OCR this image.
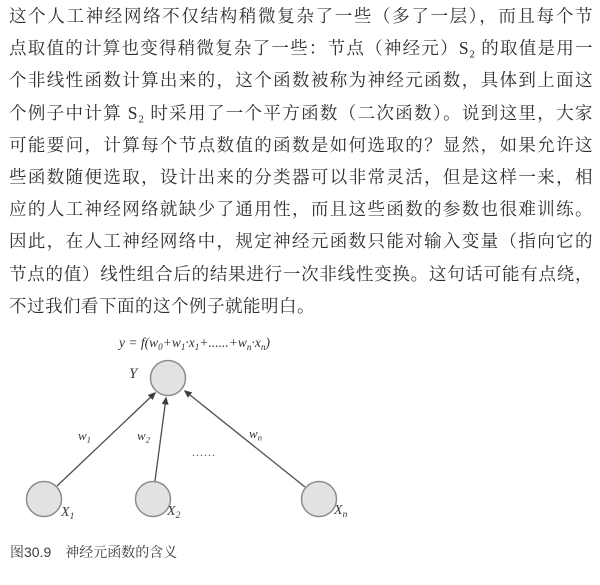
这个人工神经网络不仅结构稍微复杂了一些（多了一层），而且每个节
点取值的计算也变得稍微复杂了一些：节点（神经元）S₂ 的取值是用一
个非线性函数计算出来的，这个函数被称为神经元函数，具体到上面这
个例子中计算 S₂ 时采用了一个平方函数（二次函数）。说到这里，大家
可能要问，计算每个节点数值的函数是如何选取的？显然，如果允许这
些函数随便选取，设计出来的分类器可以非常灵活，但是这样一来，相
应的人工神经网络就缺少了通用性，而且这些函数的参数也很难训练。
因此，在人工神经网络中，规定神经元函数只能对输入变量（指向它的
节点的值）线性组合后的结果进行一次非线性变换。这句话可能有点绕，
不过我们看下面的这个例子就能明白。
$y = f(w_0+w_1\cdot x_1+......+w_n\cdot x_n)$
Y
$w_1$	$w_2$	$w_n$
......
$X_1$	$X_2$	$X_n$
图30.9 神经元函数的含义
